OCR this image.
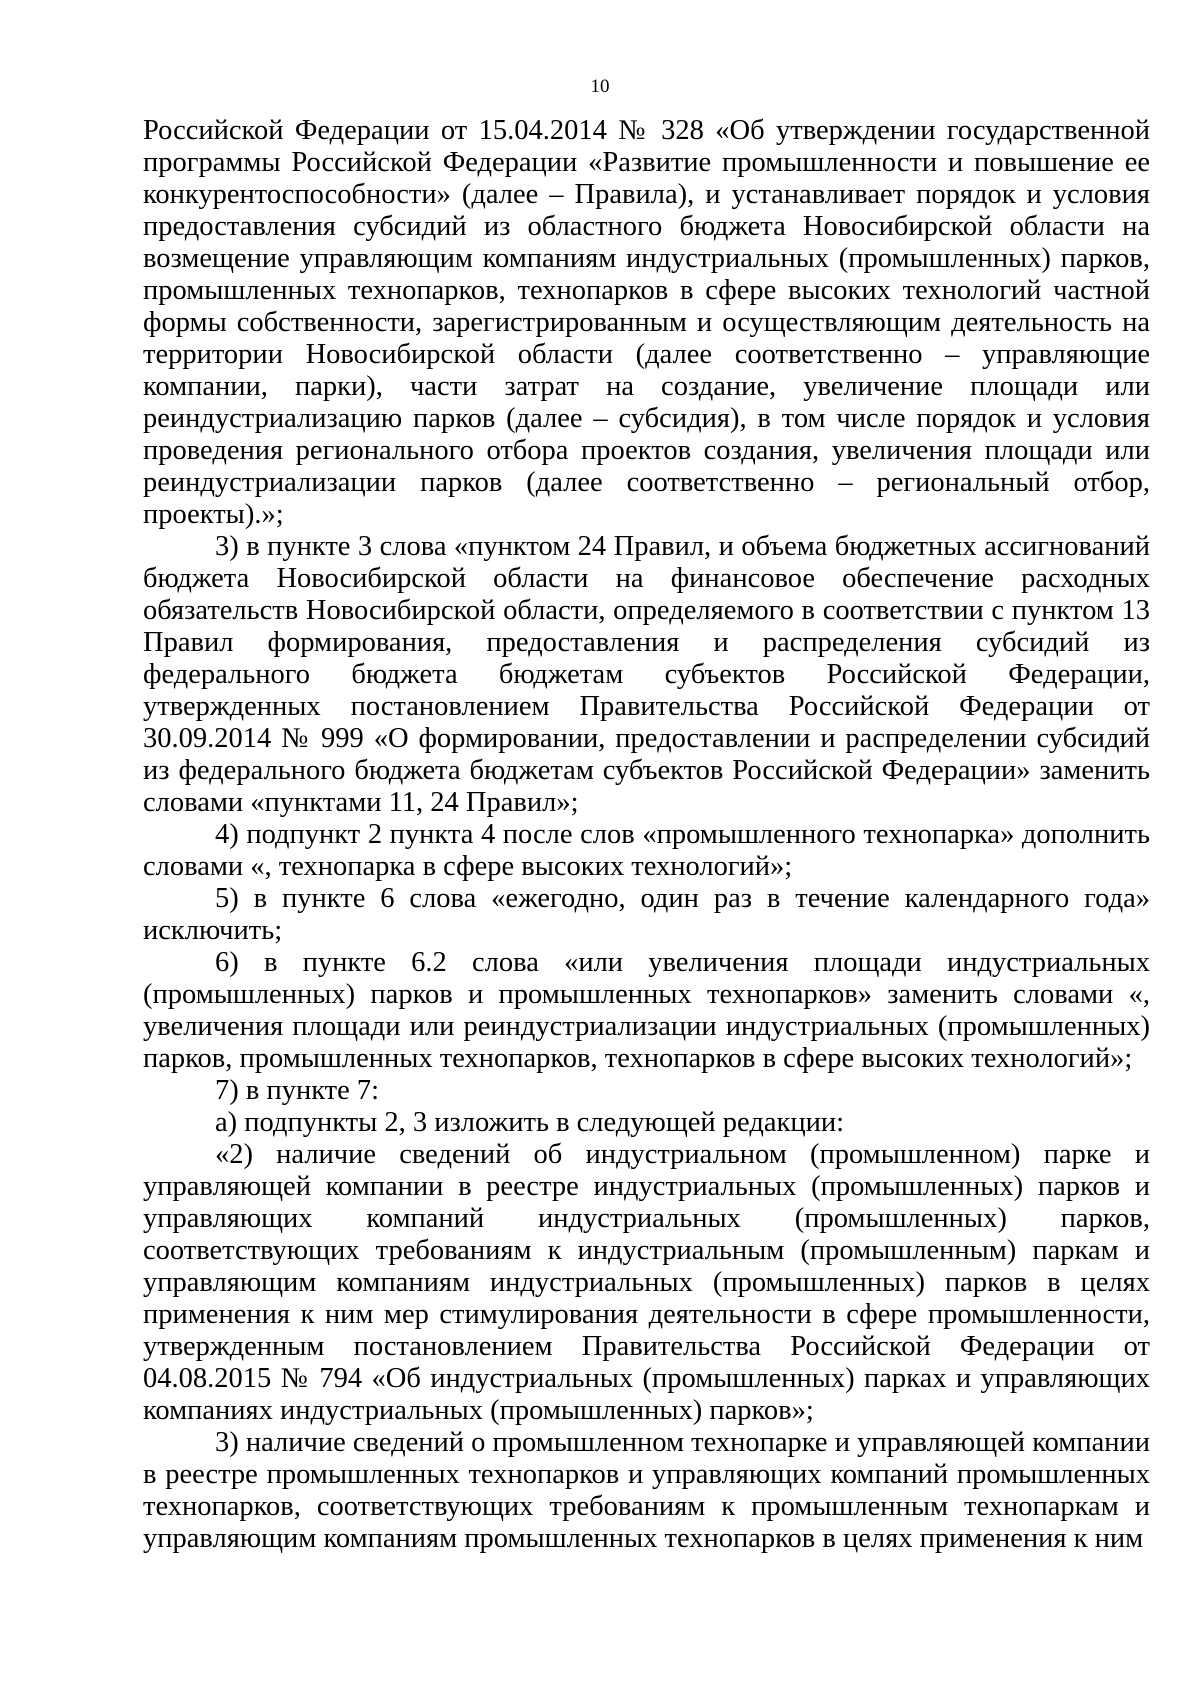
10

Российской Федерации от 15.04.2014 № 328 «Об утверждении государственной программы Российской Федерации «Развитие промышленности и повышение ее конкурентоспособности» (далее – Правила), и устанавливает порядок и условия предоставления субсидий из областного бюджета Новосибирской области на возмещение управляющим компаниям индустриальных (промышленных) парков, промышленных технопарков, технопарков в сфере высоких технологий частной формы собственности, зарегистрированным и осуществляющим деятельность на территории Новосибирской области (далее соответственно – управляющие компании, парки), части затрат на создание, увеличение площади или реиндустриализацию парков (далее – субсидия), в том числе порядок и условия проведения регионального отбора проектов создания, увеличения площади или реиндустриализации парков (далее соответственно – региональный отбор, проекты).»;

3) в пункте 3 слова «пунктом 24 Правил, и объема бюджетных ассигнований бюджета Новосибирской области на финансовое обеспечение расходных обязательств Новосибирской области, определяемого в соответствии с пунктом 13 Правил формирования, предоставления и распределения субсидий из федерального бюджета бюджетам субъектов Российской Федерации, утвержденных постановлением Правительства Российской Федерации от 30.09.2014 № 999 «О формировании, предоставлении и распределении субсидий из федерального бюджета бюджетам субъектов Российской Федерации» заменить словами «пунктами 11, 24 Правил»;

4) подпункт 2 пункта 4 после слов «промышленного технопарка» дополнить словами «, технопарка в сфере высоких технологий»;

5) в пункте 6 слова «ежегодно, один раз в течение календарного года» исключить;

6) в пункте 6.2 слова «или увеличения площади индустриальных (промышленных) парков и промышленных технопарков» заменить словами «, увеличения площади или реиндустриализации индустриальных (промышленных) парков, промышленных технопарков, технопарков в сфере высоких технологий»;

7) в пункте 7:

а) подпункты 2, 3 изложить в следующей редакции:

«2) наличие сведений об индустриальном (промышленном) парке и управляющей компании в реестре индустриальных (промышленных) парков и управляющих компаний индустриальных (промышленных) парков, соответствующих требованиям к индустриальным (промышленным) паркам и управляющим компаниям индустриальных (промышленных) парков в целях применения к ним мер стимулирования деятельности в сфере промышленности, утвержденным постановлением Правительства Российской Федерации от 04.08.2015 № 794 «Об индустриальных (промышленных) парках и управляющих компаниях индустриальных (промышленных) парков»;

3) наличие сведений о промышленном технопарке и управляющей компании в реестре промышленных технопарков и управляющих компаний промышленных технопарков, соответствующих требованиям к промышленным технопаркам и управляющим компаниям промышленных технопарков в целях применения к ним
